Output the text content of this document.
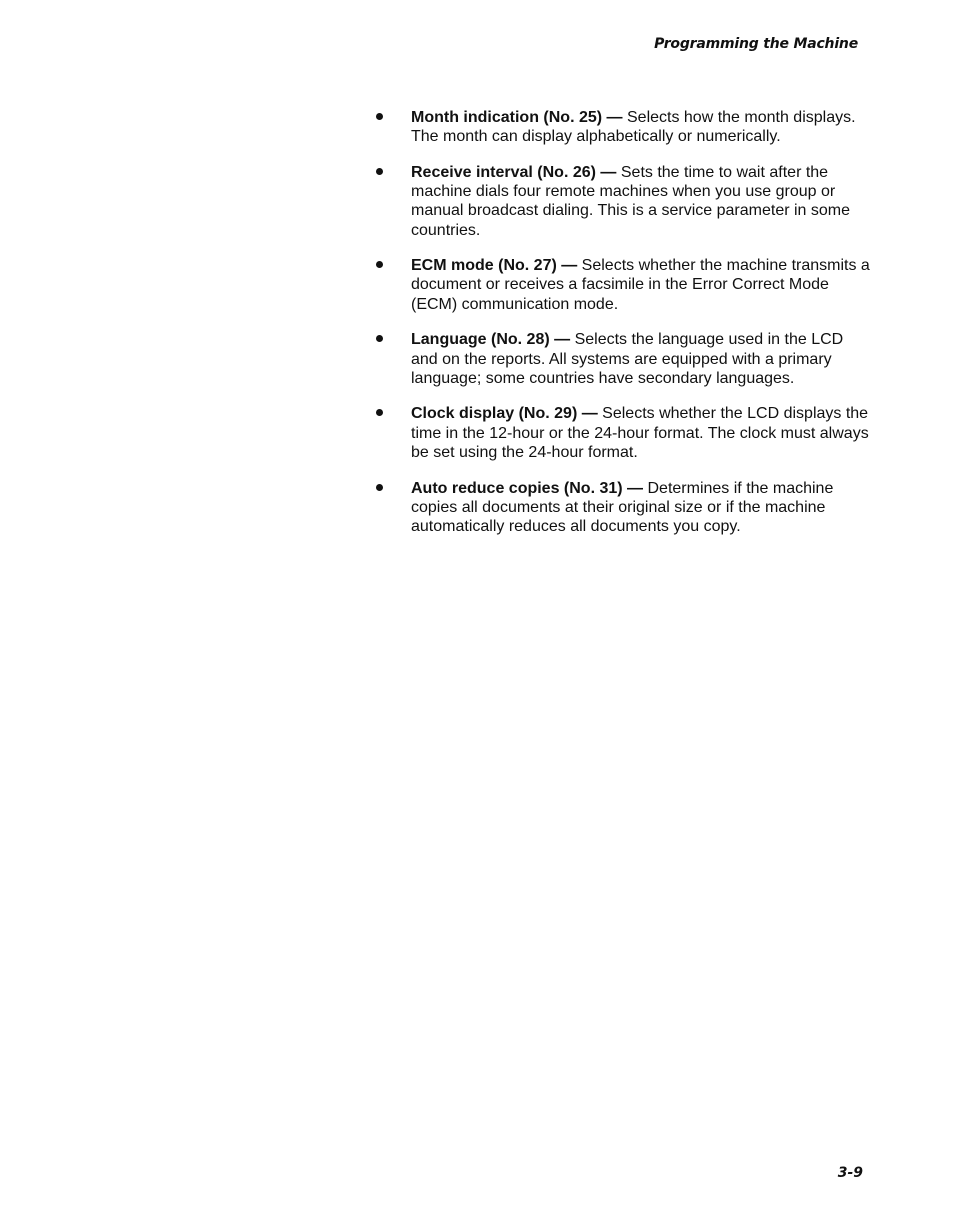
Programming the Machine
Month indication (No. 25) — Selects how the month displays. The month can display alphabetically or numerically.
Receive interval (No. 26) — Sets the time to wait after the machine dials four remote machines when you use group or manual broadcast dialing. This is a service parameter in some countries.
ECM mode (No. 27) — Selects whether the machine transmits a document or receives a facsimile in the Error Correct Mode (ECM) communication mode.
Language (No. 28) — Selects the language used in the LCD and on the reports. All systems are equipped with a primary language; some countries have secondary languages.
Clock display (No. 29) — Selects whether the LCD displays the time in the 12-hour or the 24-hour format. The clock must always be set using the 24-hour format.
Auto reduce copies (No. 31) — Determines if the machine copies all documents at their original size or if the machine automatically reduces all documents you copy.
3-9
